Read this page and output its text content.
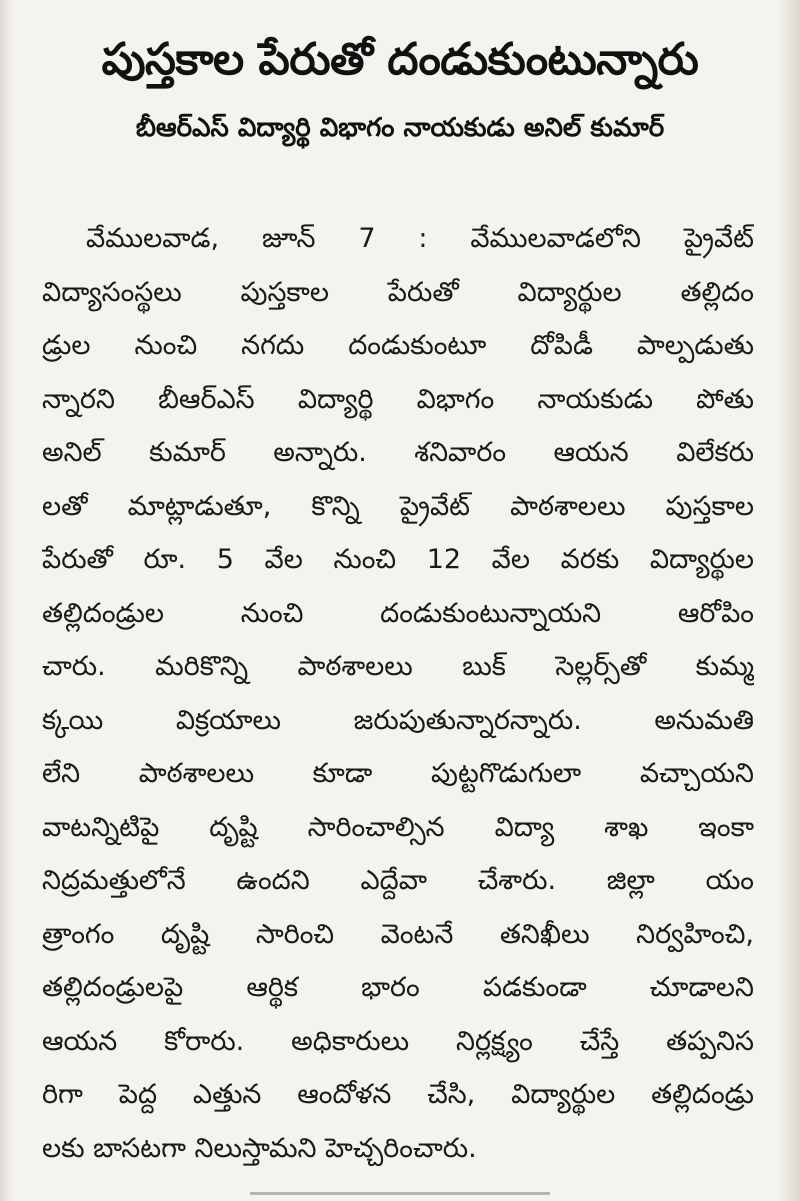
పుస్తకాల పేరుతో దండుకుంటున్నారు
బీఆర్‌ఎస్‌ విద్యార్థి విభాగం నాయకుడు అనిల్‌ కుమార్‌
వేములవాడ, జూన్‌ 7 : వేములవాడలోని ప్రైవేట్‌
విద్యాసంస్థలు పుస్తకాల పేరుతో విద్యార్థుల తల్లిదం
డ్రుల నుంచి నగదు దండుకుంటూ దోపిడీ పాల్పడుతు
న్నారని బీఆర్‌ఎస్‌ విద్యార్థి విభాగం నాయకుడు పోతు
అనిల్‌ కుమార్‌ అన్నారు. శనివారం ఆయన విలేకరు
లతో మాట్లాడుతూ, కొన్ని ప్రైవేట్‌ పాఠశాలలు పుస్తకాల
పేరుతో రూ. 5 వేల నుంచి 12 వేల వరకు విద్యార్థుల
తల్లిదండ్రుల నుంచి దండుకుంటున్నాయని ఆరోపిం
చారు. మరికొన్ని పాఠశాలలు బుక్‌ సెల్లర్స్‌తో కుమ్మ
క్కయి విక్రయాలు జరుపుతున్నారన్నారు. అనుమతి
లేని పాఠశాలలు కూడా పుట్టగొడుగులా వచ్చాయని
వాటన్నిటిపై దృష్టి సారించాల్సిన విద్యా శాఖ ఇంకా
నిద్రమత్తులోనే ఉందని ఎద్దేవా చేశారు. జిల్లా యం
త్రాంగం దృష్టి సారించి వెంటనే తనిఖీలు నిర్వహించి,
తల్లిదండ్రులపై ఆర్థిక భారం పడకుండా చూడాలని
ఆయన కోరారు. అధికారులు నిర్లక్ష్యం చేస్తే తప్పనిస
రిగా పెద్ద ఎత్తున ఆందోళన చేసి, విద్యార్థుల తల్లిదండ్రు
లకు బాసటగా నిలుస్తామని హెచ్చరించారు.
